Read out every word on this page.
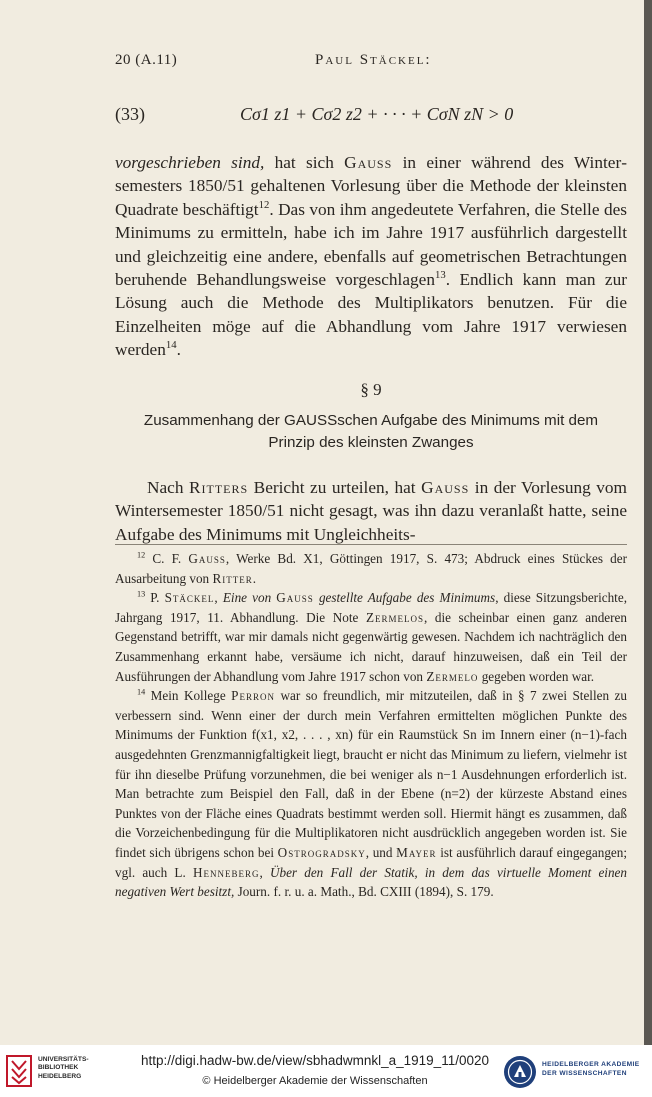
20 (A.11)	Paul Stäckel:
(33)	Cσ1 z1 + Cσ2 z2 + · · · + CσN zN > 0

vorgeschrieben sind, hat sich Gauss in einer während des Wintersemesters 1850/51 gehaltenen Vorlesung über die Methode der kleinsten Quadrate beschäftigt$^{12}$. Das von ihm angedeutete Verfahren, die Stelle des Minimums zu ermitteln, habe ich im Jahre 1917 ausführlich dargestellt und gleichzeitig eine andere, ebenfalls auf geometrischen Betrachtungen beruhende Behandlungsweise vorgeschlagen$^{13}$. Endlich kann man zur Lösung auch die Methode des Multiplikators benutzen. Für die Einzelheiten möge auf die Abhandlung vom Jahre 1917 verwiesen werden$^{14}$.

§ 9
Zusammenhang der GAUSSschen Aufgabe des Minimums mit dem
Prinzip des kleinsten Zwanges

Nach Ritters Bericht zu urteilen, hat Gauss in der Vorlesung vom Wintersemester 1850/51 nicht gesagt, was ihn dazu veranlaßt hatte, seine Aufgabe des Minimums mit Ungleichheits-

$^{12}$ C. F. Gauss, Werke Bd. X1, Göttingen 1917, S. 473; Abdruck eines Stückes der Ausarbeitung von Ritter.

$^{13}$ P. Stäckel, Eine von Gauss gestellte Aufgabe des Minimums, diese Sitzungsberichte, Jahrgang 1917, 11. Abhandlung. Die Note Zermelos, die scheinbar einen ganz anderen Gegenstand betrifft, war mir damals nicht gegenwärtig gewesen. Nachdem ich nachträglich den Zusammenhang erkannt habe, versäume ich nicht, darauf hinzuweisen, daß ein Teil der Ausführungen der Abhandlung vom Jahre 1917 schon von Zermelo gegeben worden war.

$^{14}$ Mein Kollege Perron war so freundlich, mir mitzuteilen, daß in § 7 zwei Stellen zu verbessern sind. Wenn einer der durch mein Verfahren ermittelten möglichen Punkte des Minimums der Funktion f(x1, x2, . . . , xn) für ein Raumstück Sn im Innern einer (n−1)-fach ausgedehnten Grenzmannigfaltigkeit liegt, braucht er nicht das Minimum zu liefern, vielmehr ist für ihn dieselbe Prüfung vorzunehmen, die bei weniger als n−1 Ausdehnungen erforderlich ist. Man betrachte zum Beispiel den Fall, daß in der Ebene (n=2) der kürzeste Abstand eines Punktes von der Fläche eines Quadrats bestimmt werden soll. Hiermit hängt es zusammen, daß die Vorzeichenbedingung für die Multiplikatoren nicht ausdrücklich angegeben worden ist. Sie findet sich übrigens schon bei Ostrogradsky, und Mayer ist ausführlich darauf eingegangen; vgl. auch L. Henneberg, Über den Fall der Statik, in dem das virtuelle Moment einen negativen Wert besitzt, Journ. f. r. u. a. Math., Bd. CXIII (1894), S. 179.

UNIVERSITÄTS-
BIBLIOTHEK
HEIDELBERG
http://digi.hadw-bw.de/view/sbhadwmnkl_a_1919_11/0020
© Heidelberger Akademie der Wissenschaften
HEIDELBERGER AKADEMIE
DER WISSENSCHAFTEN
